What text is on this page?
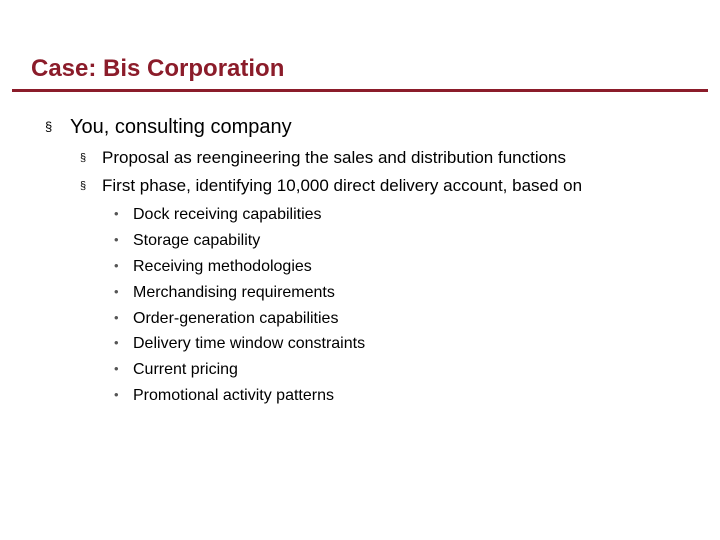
Case: Bis Corporation
§ You, consulting company
§ Proposal as reengineering the sales and distribution functions
§ First phase, identifying 10,000 direct delivery account, based on
• Dock receiving capabilities
• Storage capability
• Receiving methodologies
• Merchandising requirements
• Order-generation capabilities
• Delivery time window constraints
• Current pricing
• Promotional activity patterns
